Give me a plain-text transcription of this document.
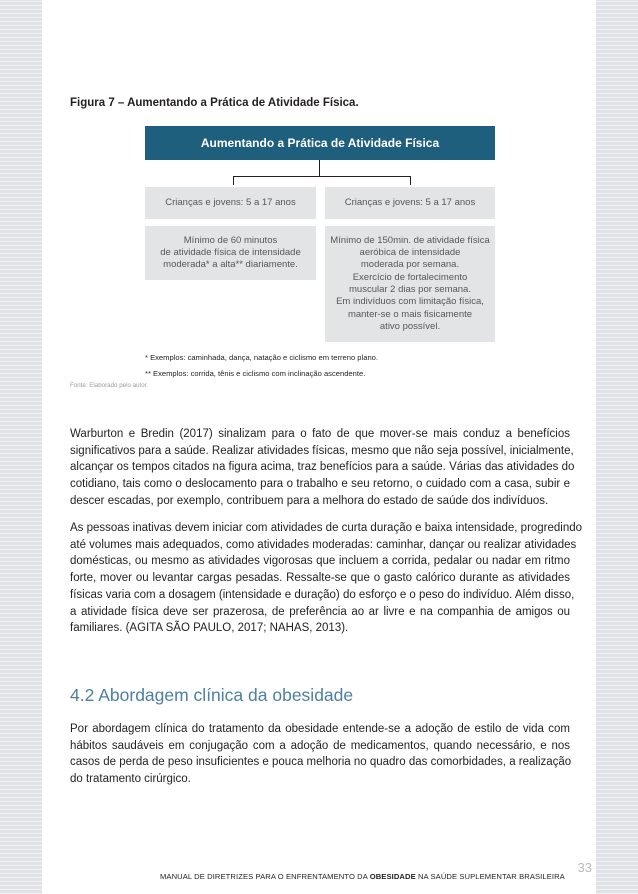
Figura 7 – Aumentando a Prática de Atividade Física.
Aumentando a Prática de Atividade Física
Crianças e jovens: 5 a 17 anos	Crianças e jovens: 5 a 17 anos
Mínimo de 60 minutos
de atividade física de intensidade
moderada* a alta** diariamente.
Mínimo de 150min. de atividade física
aeróbica de intensidade
moderada por semana.
Exercício de fortalecimento
muscular 2 dias por semana.
Em indivíduos com limitação física,
manter-se o mais fisicamente
ativo possível.
* Exemplos: caminhada, dança, natação e ciclismo em terreno plano.
** Exemplos: corrida, tênis e ciclismo com inclinação ascendente.
Fonte: Elaborado pelo autor.
Warburton e Bredin (2017) sinalizam para o fato de que mover-se mais conduz a benefícios
significativos para a saúde. Realizar atividades físicas, mesmo que não seja possível, inicialmente,
alcançar os tempos citados na figura acima, traz benefícios para a saúde. Várias das atividades do
cotidiano, tais como o deslocamento para o trabalho e seu retorno, o cuidado com a casa, subir e
descer escadas, por exemplo, contribuem para a melhora do estado de saúde dos indivíduos.
As pessoas inativas devem iniciar com atividades de curta duração e baixa intensidade, progredindo
até volumes mais adequados, como atividades moderadas: caminhar, dançar ou realizar atividades
domésticas, ou mesmo as atividades vigorosas que incluem a corrida, pedalar ou nadar em ritmo
forte, mover ou levantar cargas pesadas. Ressalte-se que o gasto calórico durante as atividades
físicas varia com a dosagem (intensidade e duração) do esforço e o peso do indivíduo. Além disso,
a atividade física deve ser prazerosa, de preferência ao ar livre e na companhia de amigos ou
familiares. (AGITA SÃO PAULO, 2017; NAHAS, 2013).
4.2 Abordagem clínica da obesidade
Por abordagem clínica do tratamento da obesidade entende-se a adoção de estilo de vida com
hábitos saudáveis em conjugação com a adoção de medicamentos, quando necessário, e nos
casos de perda de peso insuficientes e pouca melhoria no quadro das comorbidades, a realização
do tratamento cirúrgico.
MANUAL DE DIRETRIZES PARA O ENFRENTAMENTO DA OBESIDADE NA SAÚDE SUPLEMENTAR BRASILEIRA
33
